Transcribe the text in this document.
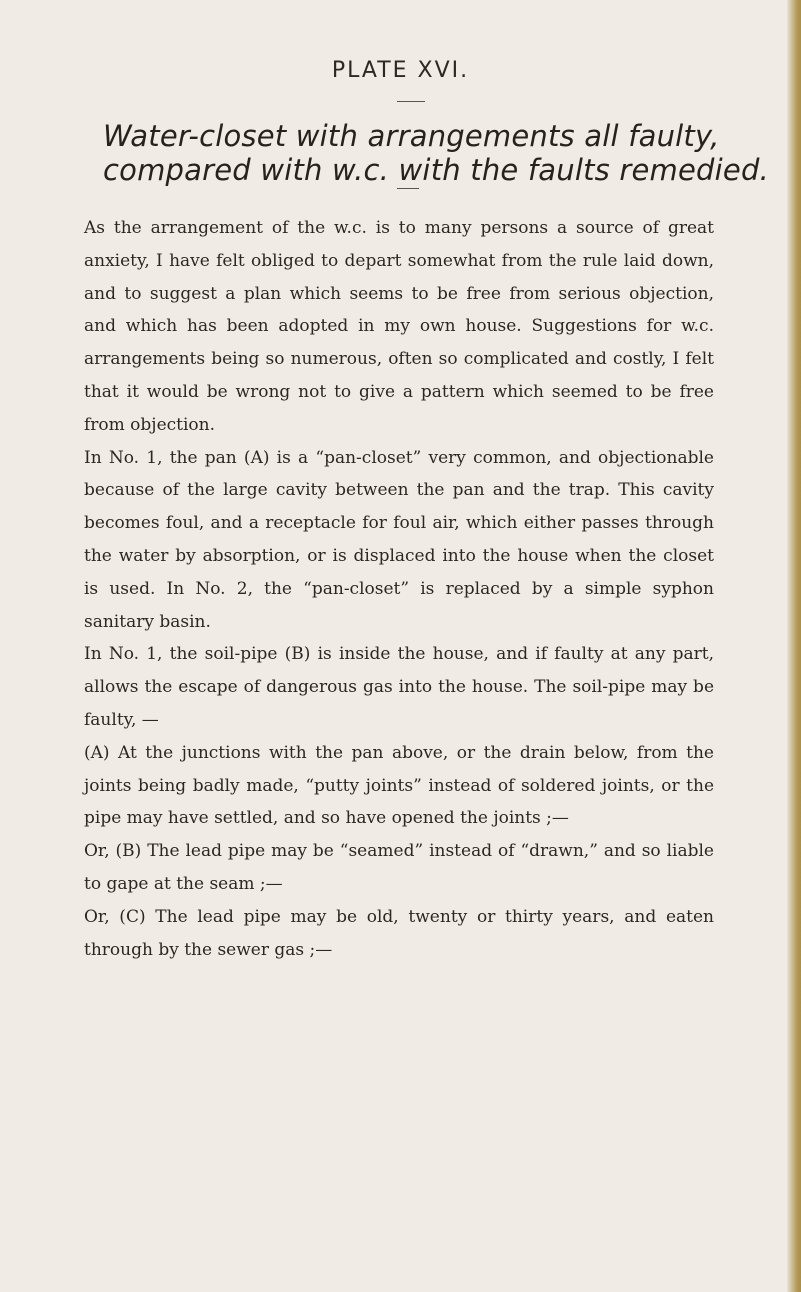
PLATE XVI.
Water-closet with arrangements all faulty,
compared with w.c. with the faults remedied.

As the arrangement of the w.c. is to many persons a source of great anxiety, I have felt obliged to depart somewhat from the rule laid down, and to suggest a plan which seems to be free from serious objection, and which has been adopted in my own house. Suggestions for w.c. arrangements being so numerous, often so complicated and costly, I felt that it would be wrong not to give a pattern which seemed to be free from objection.

In No. 1, the pan (A) is a “pan-closet” very common, and objectionable because of the large cavity between the pan and the trap. This cavity becomes foul, and a receptacle for foul air, which either passes through the water by absorption, or is displaced into the house when the closet is used. In No. 2, the “pan-closet” is replaced by a simple syphon sanitary basin.

In No. 1, the soil-pipe (B) is inside the house, and if faulty at any part, allows the escape of dangerous gas into the house. The soil-pipe may be faulty, —

(A) At the junctions with the pan above, or the drain below, from the joints being badly made, “putty joints” instead of soldered joints, or the pipe may have settled, and so have opened the joints ;—

Or, (B) The lead pipe may be “seamed” instead of “drawn,” and so liable to gape at the seam ;—

Or, (C) The lead pipe may be old, twenty or thirty years, and eaten through by the sewer gas ;—
